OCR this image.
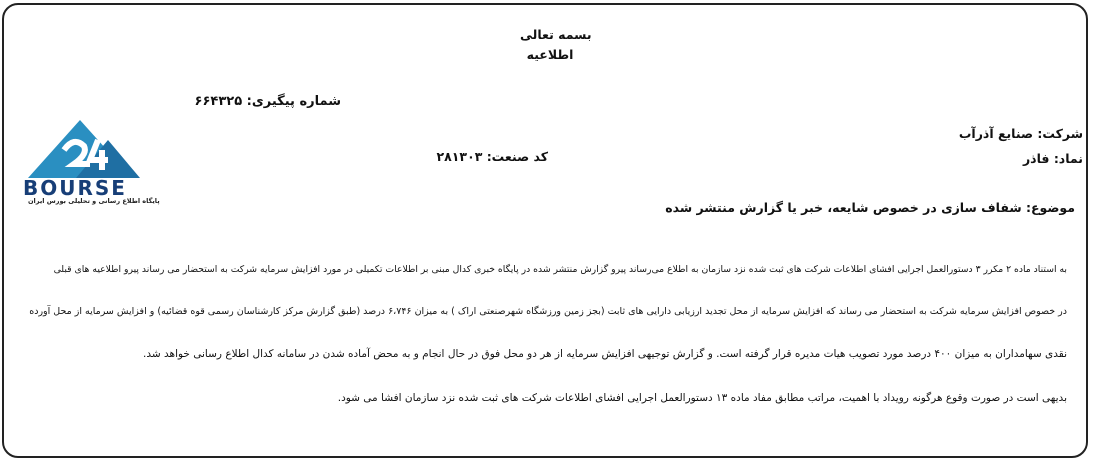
بسمه تعالی
اطلاعیه
شماره پیگیری: ۶۶۴۳۲۵
BOURSE
پایگاه اطلاع رسانی و تحلیلی بورس ایران
شرکت: صنایع آذرآب
نماد: فاذر
کد صنعت: ۲۸۱۳۰۳
موضوع: شفاف سازی در خصوص شایعه، خبر یا گزارش منتشر شده
به استناد ماده ۲ مکرر ۳ دستورالعمل اجرایی افشای اطلاعات شرکت های ثبت شده نزد سازمان به اطلاع می‌رساند پیرو گزارش منتشر شده در پایگاه خبری کدال مبنی بر اطلاعات تکمیلی در مورد افزایش سرمایه شرکت به استحضار می رساند پیرو اطلاعیه های قبلی
در خصوص افزایش سرمایه شرکت به استحضار می رساند که افزایش سرمایه از محل تجدید ارزیابی دارایی های ثابت (بجز زمین ورزشگاه شهرصنعتی اراک ) به میزان ۶،۷۴۶ درصد (طبق گزارش مرکز کارشناسان رسمی قوه قضائیه) و افزایش سرمایه از محل آورده
نقدی سهامداران به میزان ۴۰۰ درصد مورد تصویب هیات مدیره قرار گرفته است. و گزارش توجیهی افزایش سرمایه از هر دو محل فوق در حال انجام و به محض آماده شدن در سامانه کدال اطلاع رسانی خواهد شد.
بدیهی است در صورت وقوع هرگونه رویداد با اهمیت، مراتب مطابق مفاد ماده ۱۳ دستورالعمل اجرایی افشای اطلاعات شرکت های ثبت شده نزد سازمان افشا می شود.
